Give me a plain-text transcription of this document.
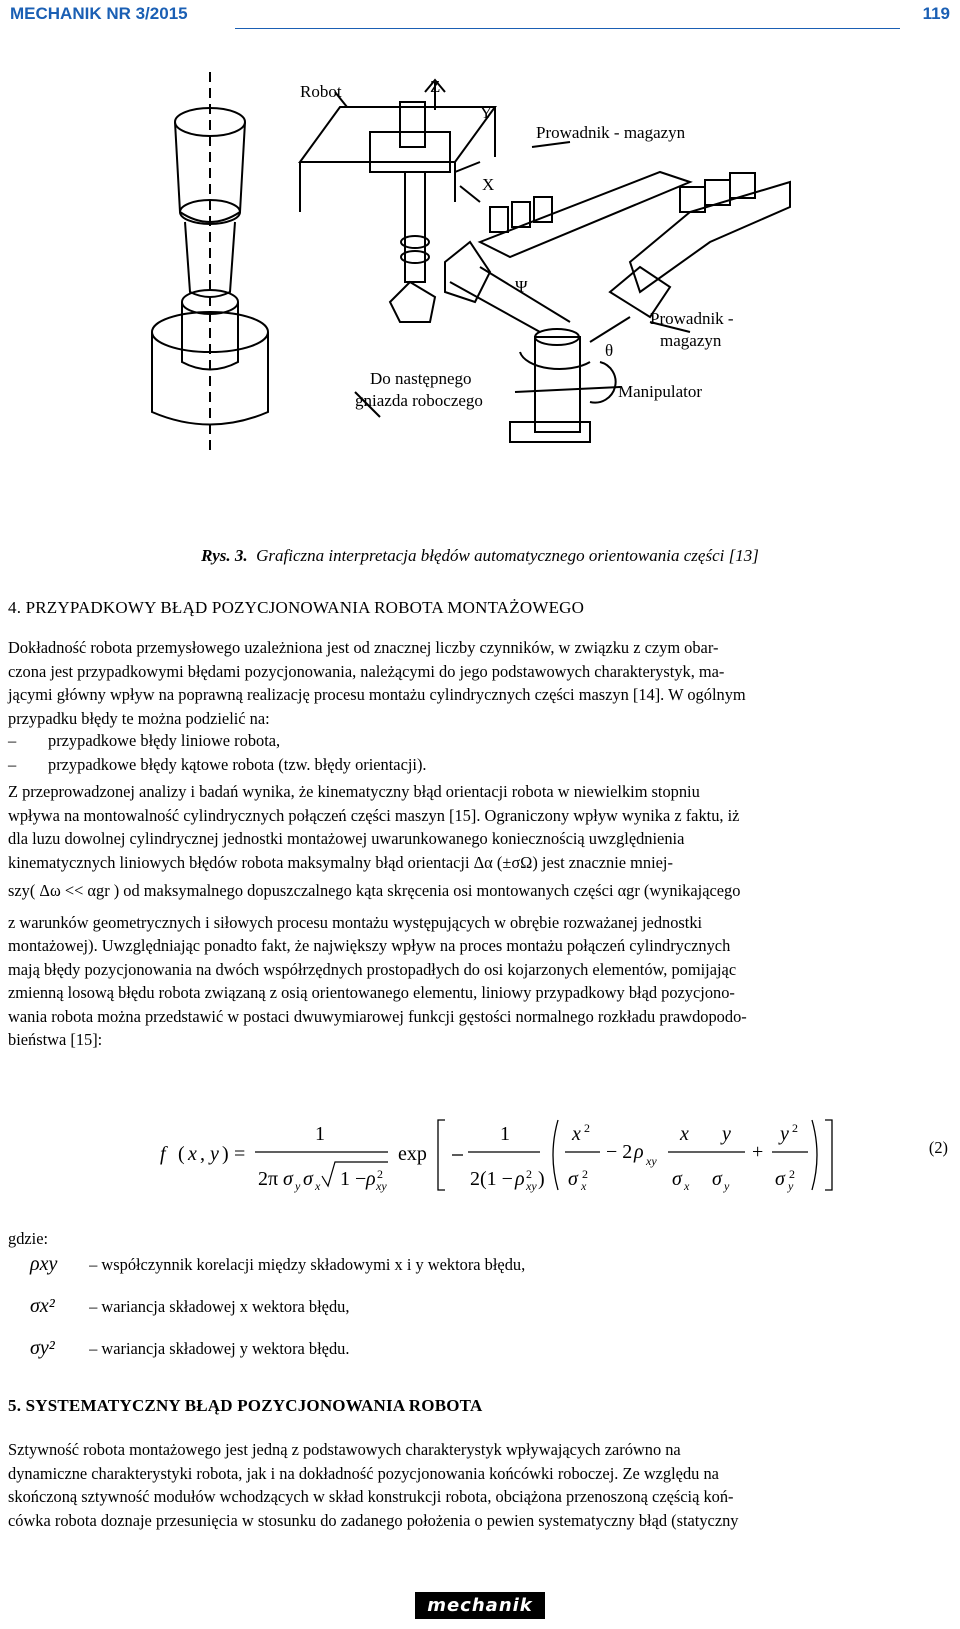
MECHANIK NR 3/2015	119
Robot	Z
Y
X
Ψ
θ
Prowadnik - magazyn
Prowadnik -
magazyn
Do następnego
gniazda roboczego	Manipulator
Rys. 3. Graficzna interpretacja błędów automatycznego orientowania części [13]
4. PRZYPADKOWY BŁĄD POZYCJONOWANIA ROBOTA MONTAŻOWEGO
Dokładność robota przemysłowego uzależniona jest od znacznej liczby czynników, w związku z czym obar-
czona jest przypadkowymi błędami pozycjonowania, należącymi do jego podstawowych charakterystyk, ma-
jącymi główny wpływ na poprawną realizację procesu montażu cylindrycznych części maszyn [14]. W ogólnym
przypadku błędy te można podzielić na:
– przypadkowe błędy liniowe robota,
– przypadkowe błędy kątowe robota (tzw. błędy orientacji).
Z przeprowadzonej analizy i badań wynika, że kinematyczny błąd orientacji robota w niewielkim stopniu
wpływa na montowalność cylindrycznych połączeń części maszyn [15]. Ograniczony wpływ wynika z faktu, iż
dla luzu dowolnej cylindrycznej jednostki montażowej uwarunkowanego koniecznością uwzględnienia
kinematycznych liniowych błędów robota maksymalny błąd orientacji Δα (±σΩ) jest znacznie mniej-
szy( Δω << αgr ) od maksymalnego dopuszczalnego kąta skręcenia osi montowanych części αgr (wynikającego
z warunków geometrycznych i siłowych procesu montażu występujących w obrębie rozważanej jednostki
montażowej). Uwzględniając ponadto fakt, że największy wpływ na proces montażu połączeń cylindrycznych
mają błędy pozycjonowania na dwóch współrzędnych prostopadłych do osi kojarzonych elementów, pomijając
zmienną losową błędu robota związaną z osią orientowanego elementu, liniowy przypadkowy błąd pozycjono-
wania robota można przedstawić w postaci dwuwymiarowej funkcji gęstości normalnego rozkładu prawdopodo-
bieństwa [15]:
f ( x , y ) =
1
2π σ y σ x 1 − ρ 2
xy
exp
1
2(1 − ρ 2
xy )
x 2
σ 2
x
− 2 ρ xy
x y
σ x σ y
+
y 2
σ 2
y
(2)
gdzie:
ρxy – współczynnik korelacji między składowymi x i y wektora błędu,
σx² – wariancja składowej x wektora błędu,
σy² – wariancja składowej y wektora błędu.
5. SYSTEMATYCZNY BŁĄD POZYCJONOWANIA ROBOTA
Sztywność robota montażowego jest jedną z podstawowych charakterystyk wpływających zarówno na
dynamiczne charakterystyki robota, jak i na dokładność pozycjonowania końcówki roboczej. Ze względu na
skończoną sztywność modułów wchodzących w skład konstrukcji robota, obciążona przenoszoną częścią koń-
cówka robota doznaje przesunięcia w stosunku do zadanego położenia o pewien systematyczny błąd (statyczny
mechanik
